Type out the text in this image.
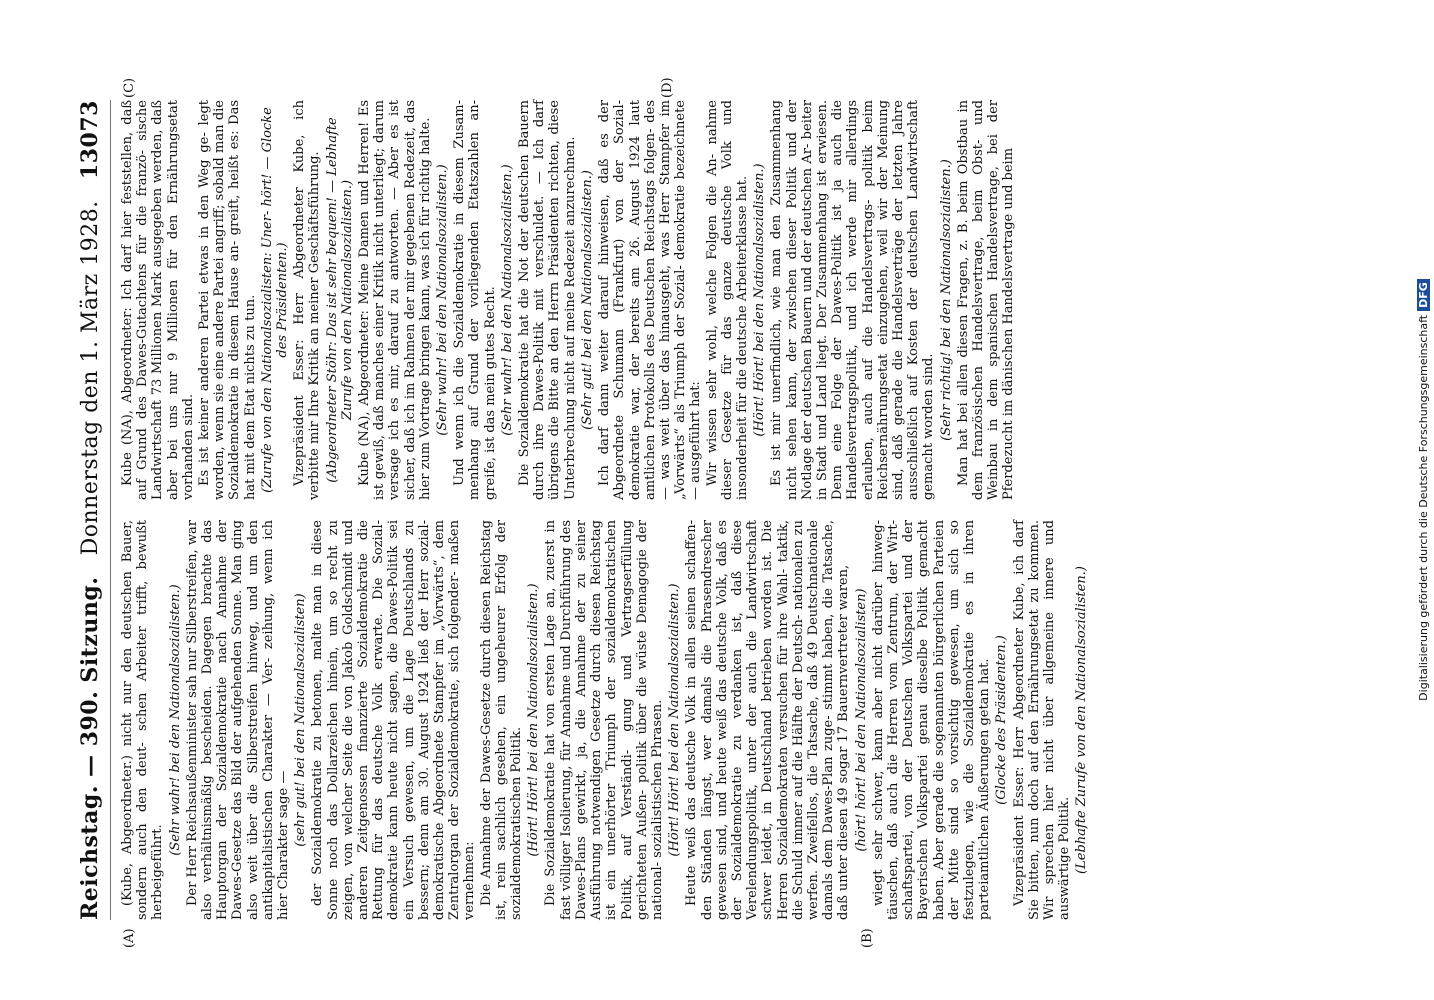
Reichstag. — 390. Sitzung.
Donnerstag den 1. März 1928.
13073
(A)	(B)
(C)	(D)

(Kube, Abgeordneter.) nicht nur den deutschen Bauer, sondern auch den deut- schen Arbeiter trifft, bewußt herbeigeführt.

(Sehr wahr! bei den Nationalsozialisten.) Der Herr Reichsaußenminister sah nur Silberstreifen, war also verhältnismäßig bescheiden. Dagegen brachte das Hauptorgan der Sozialdemokratie nach Annahme der Dawes-Gesetze das Bild der aufgehenden Sonne. Man ging also weit über die Silberstreifen hinweg, und um den antikapitalistischen Charakter — Ver- zeihung, wenn ich hier Charakter sage — (sehr gut! bei den Nationalsozialisten) der Sozialdemokratie zu betonen, malte man in diese Sonne noch das Dollarzeichen hinein, um so recht zu zeigen, von welcher Seite die von Jakob Goldschmidt und anderen Zeitgenossen finanzierte Sozialdemokratie die Rettung für das deutsche Volk erwarte. Die Sozial- demokratie kann heute nicht sagen, die Dawes-Politik sei ein Versuch gewesen, um die Lage Deutschlands zu bessern; denn am 30. August 1924 ließ der Herr sozial- demokratische Abgeordnete Stampfer im „Vorwärts“, dem Zentralorgan der Sozialdemokratie, sich folgender- maßen vernehmen: Die Annahme der Dawes-Gesetze durch diesen Reichstag ist, rein sachlich gesehen, ein ungeheurer Erfolg der sozialdemokratischen Politik. (Hört! Hört! bei den Nationalsozialisten.) Die Sozialdemokratie hat von ersten Lage an, zuerst in fast völliger Isolierung, für Annahme und Durchführung des Dawes-Plans gewirkt, ja, die Annahme der zu seiner Ausführung notwendigen Gesetze durch diesen Reichstag ist ein unerhörter Triumph der sozialdemokratischen Politik, auf Verständi- gung und Vertragserfüllung gerichteten Außen- politik über die wüste Demagogie der national- sozialistischen Phrasen. (Hört! Hört! bei den Nationalsozialisten.) Heute weiß das deutsche Volk in allen seinen schaffen- den Ständen längst, wer damals die Phrasendrescher gewesen sind, und heute weiß das deutsche Volk, daß es der Sozialdemokratie zu verdanken ist, daß diese Verelendungspolitik, unter der auch die Landwirtschaft schwer leidet, in Deutschland betrieben worden ist. Die Herren Sozialdemokraten versuchen für ihre Wahl- taktik, die Schuld immer auf die Hälfte der Deutsch- nationalen zu werfen. Zweifellos, die Tatsache, daß 49 Deutschnationale damals dem Dawes-Plan zuge- stimmt haben, die Tatsache, daß unter diesen 49 sogar 17 Bauernvertreter waren, (hört! hört! bei den Nationalsozialisten) wiegt sehr schwer, kann aber nicht darüber hinweg- täuschen, daß auch die Herren vom Zentrum, der Wirt- schaftspartei, von der Deutschen Volkspartei und der Bayerischen Volkspartei genau dieselbe Politik gemacht haben. Aber gerade die sogenannten bürgerlichen Parteien der Mitte sind so vorsichtig gewesen, um sich so festzulegen, wie die Sozialdemokratie es in ihren parteiamtlichen Äußerungen getan hat. (Glocke des Präsidenten.) Vizepräsident Esser: Herr Abgeordneter Kube, ich darf Sie bitten, nun doch auf den Ernährungsetat zu kommen. Wir sprechen hier nicht über allgemeine innere und auswärtige Politik. (Lebhafte Zurufe von den Nationalsozialisten.)

Kube (NA), Abgeordneter: Ich darf hier feststellen, daß auf Grund des Dawes-Gutachtens für die franzö- sische Landwirtschaft 73 Millionen Mark ausgegeben werden, daß aber bei uns nur 9 Millionen für den Ernährungsetat vorhanden sind. Es ist keiner anderen Partei etwas in den Weg ge- legt worden, wenn sie eine andere Partei angriff; sobald man die Sozialdemokratie in diesem Hause an- greift, heißt es: Das hat mit dem Etat nichts zu tun. (Zurufe von den Nationalsozialisten: Uner- hört! — Glocke des Präsidenten.) Vizepräsident Esser: Herr Abgeordneter Kube, ich verbitte mir Ihre Kritik an meiner Geschäftsführung. (Abgeordneter Stöhr: Das ist sehr bequem! — Lebhafte Zurufe von den Nationalsozialisten.) Kube (NA), Abgeordneter: Meine Damen und Herren! Es ist gewiß, daß manches einer Kritik nicht unterliegt; darum versage ich es mir, darauf zu antworten. — Aber es ist sicher, daß ich im Rahmen der mir gegebenen Redezeit, das hier zum Vortrage bringen kann, was ich für richtig halte. (Sehr wahr! bei den Nationalsozialisten.) Und wenn ich die Sozialdemokratie in diesem Zusam- menhang auf Grund der vorliegenden Etatszahlen an- greife, ist das mein gutes Recht. (Sehr wahr! bei den Nationalsozialisten.) Die Sozialdemokratie hat die Not der deutschen Bauern durch ihre Dawes-Politik mit verschuldet. — Ich darf übrigens die Bitte an den Herrn Präsidenten richten, diese Unterbrechung nicht auf meine Redezeit anzurechnen. (Sehr gut! bei den Nationalsozialisten.) Ich darf dann weiter darauf hinweisen, daß es der Abgeordnete Schumann (Frankfurt) von der Sozial- demokratie war, der bereits am 26. August 1924 laut amtlichen Protokolls des Deutschen Reichstags folgen- des — was weit über das hinausgeht, was Herr Stampfer im „Vorwärts“ als Triumph der Sozial- demokratie bezeichnete — ausgeführt hat: Wir wissen sehr wohl, welche Folgen die An- nahme dieser Gesetze für das ganze deutsche Volk und insonderheit für die deutsche Arbeiterklasse hat. (Hört! Hört! bei den Nationalsozialisten.) Es ist mir unerfindlich, wie man den Zusammenhang nicht sehen kann, der zwischen dieser Politik und der Notlage der deutschen Bauern und der deutschen Ar- beiter in Stadt und Land liegt. Der Zusammenhang ist erwiesen. Denn eine Folge der Dawes-Politik ist ja auch die Handelsvertragspolitik, und ich werde mir allerdings erlauben, auch auf die Handelsvertrags- politik beim Reichsernährungsetat einzugehen, weil wir der Meinung sind, daß gerade die Handelsverträge der letzten Jahre ausschließlich auf Kosten der deutschen Landwirtschaft gemacht worden sind. (Sehr richtig! bei den Nationalsozialisten.) Man hat bei allen diesen Fragen, z. B. beim Obstbau in dem französischen Handelsvertrage, beim Obst- und Weinbau in dem spanischen Handelsvertrage, bei der Pferdezucht im dänischen Handelsvertrage und beim	Digitalisierung gefördert durch die Deutsche Forschungsgemeinschaft
DFG
